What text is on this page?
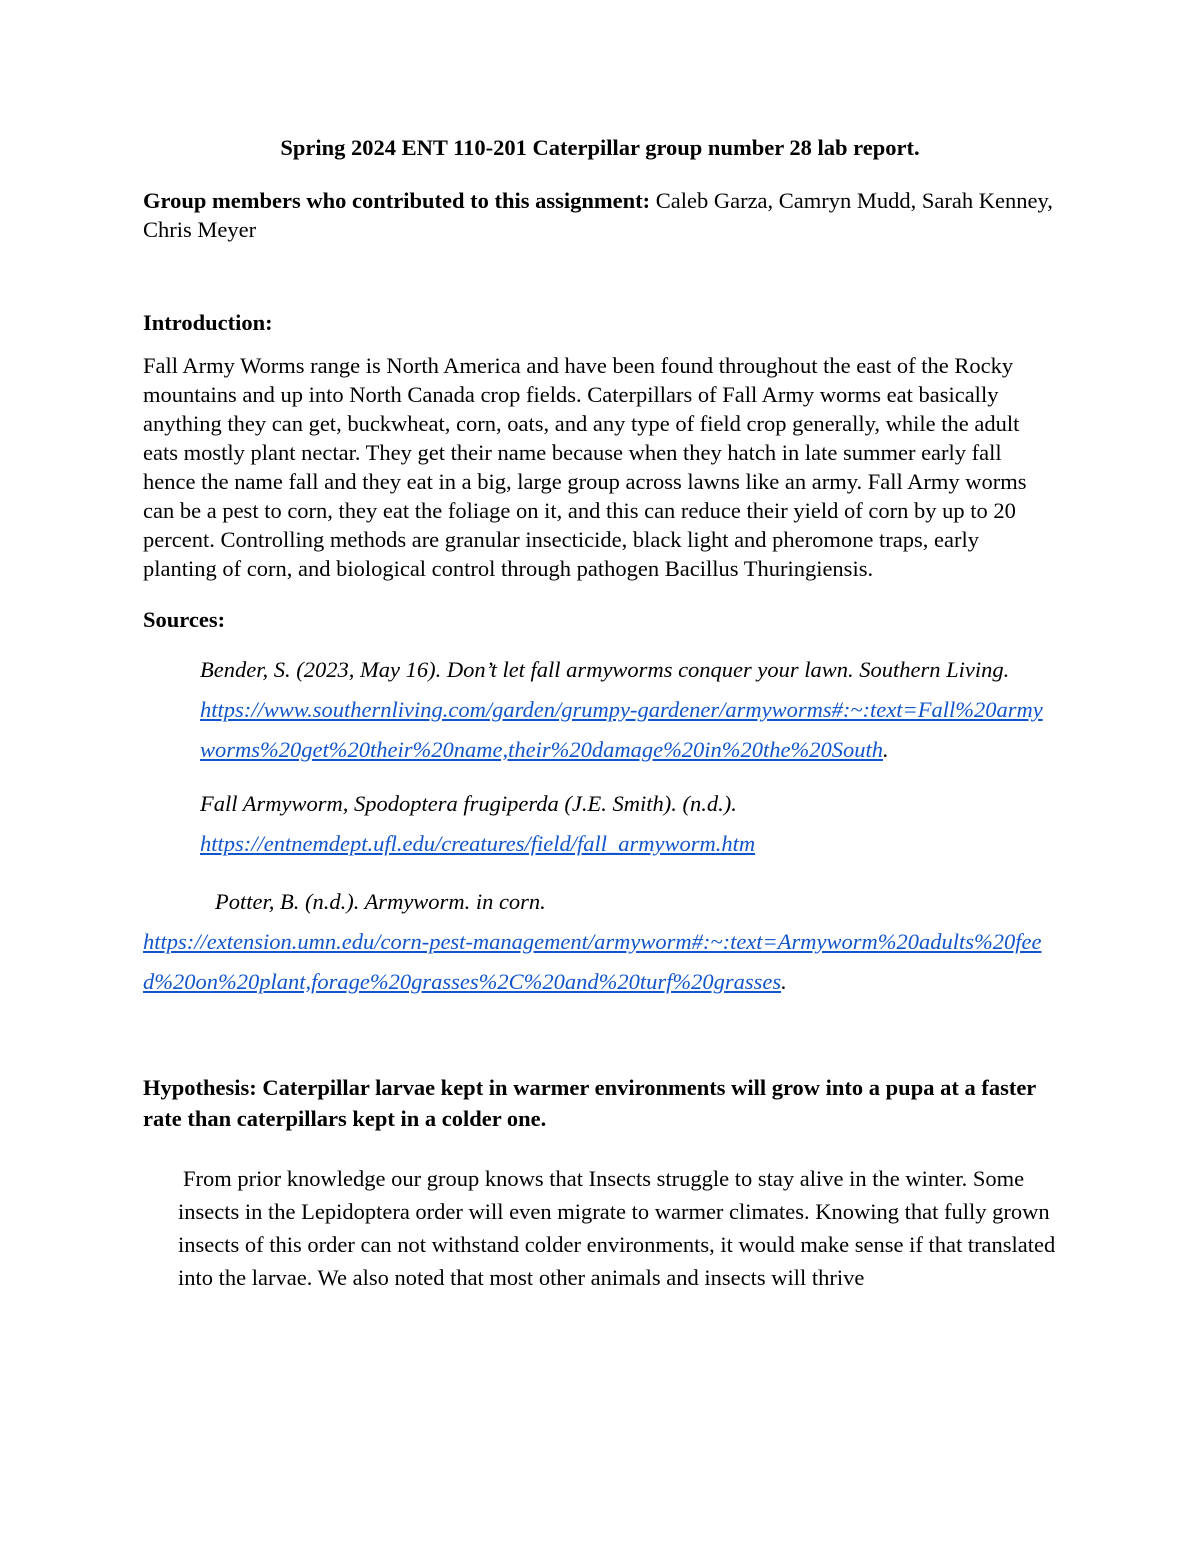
Spring 2024 ENT 110-201 Caterpillar group number 28 lab report.

Group members who contributed to this assignment: Caleb Garza, Camryn Mudd, Sarah Kenney, Chris Meyer

Introduction:

Fall Army Worms range is North America and have been found throughout the east of the Rocky mountains and up into North Canada crop fields. Caterpillars of Fall Army worms eat basically anything they can get, buckwheat, corn, oats, and any type of field crop generally, while the adult eats mostly plant nectar. They get their name because when they hatch in late summer early fall hence the name fall and they eat in a big, large group across lawns like an army. Fall Army worms can be a pest to corn, they eat the foliage on it, and this can reduce their yield of corn by up to 20 percent. Controlling methods are granular insecticide, black light and pheromone traps, early planting of corn, and biological control through pathogen Bacillus Thuringiensis.

Sources:

Bender, S. (2023, May 16). Don’t let fall armyworms conquer your lawn. Southern Living.
https://www.southernliving.com/garden/grumpy-gardener/armyworms#:~:text=Fall%20armyworms%20get%20their%20name,their%20damage%20in%20the%20South.
Fall Armyworm, Spodoptera frugiperda (J.E. Smith). (n.d.).
https://entnemdept.ufl.edu/creatures/field/fall_armyworm.htm
Potter, B. (n.d.). Armyworm. in corn.
https://extension.umn.edu/corn-pest-management/armyworm#:~:text=Armyworm%20adults%20feed%20on%20plant,forage%20grasses%2C%20and%20turf%20grasses.

Hypothesis: Caterpillar larvae kept in warmer environments will grow into a pupa at a faster rate than caterpillars kept in a colder one.

From prior knowledge our group knows that Insects struggle to stay alive in the winter. Some insects in the Lepidoptera order will even migrate to warmer climates. Knowing that fully grown insects of this order can not withstand colder environments, it would make sense if that translated into the larvae. We also noted that most other animals and insects will thrive
